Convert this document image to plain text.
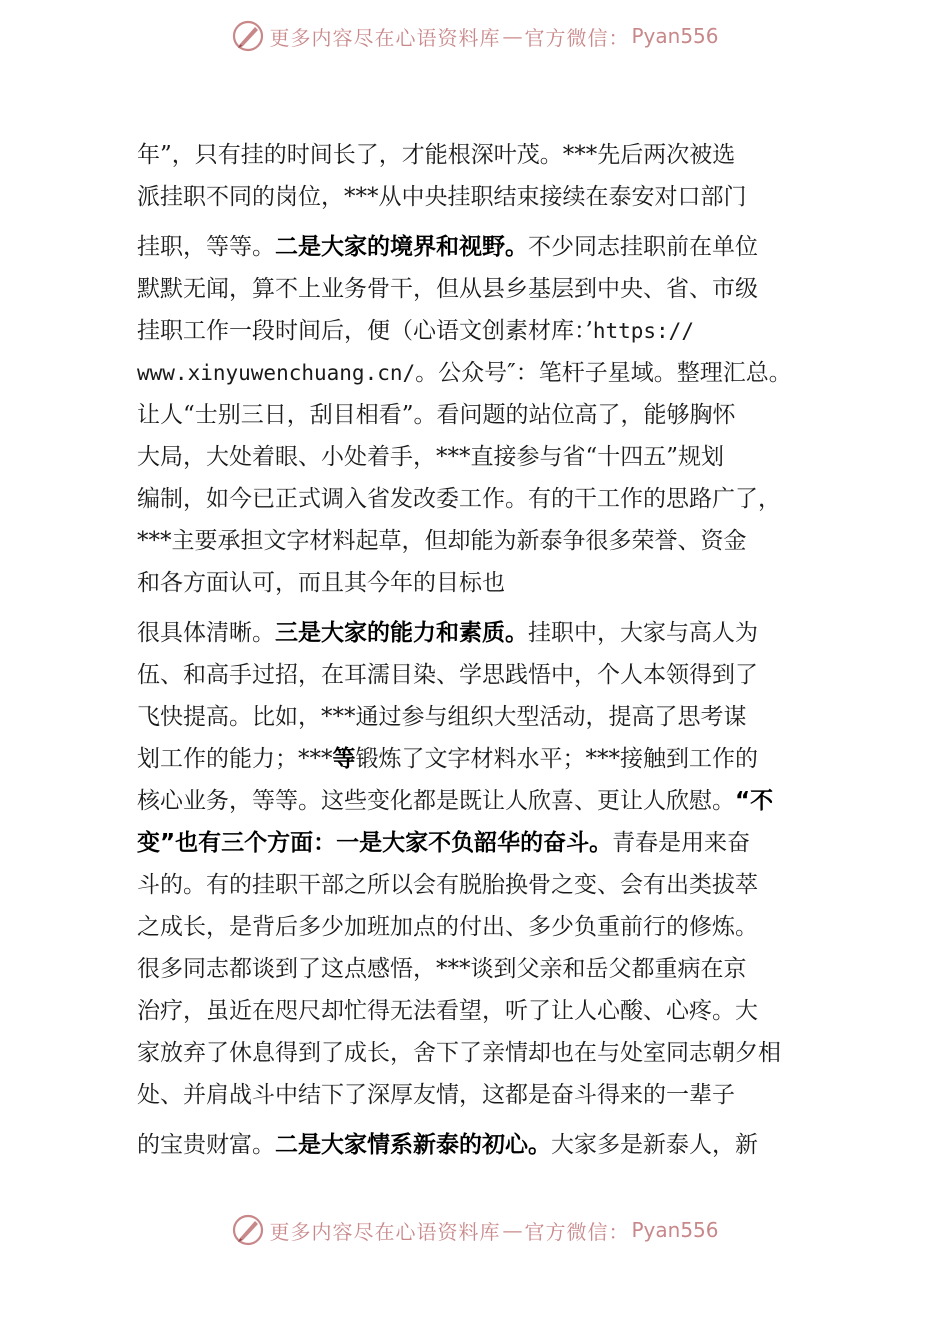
更多内容尽在心语资料库 — 官方微信： Pyan556
年”，只有挂的时间长了，才能根深叶茂。***先后两次被选
派挂职不同的岗位，***从中央挂职结束接续在泰安对口部门
挂职，等等。二是大家的境界和视野。不少同志挂职前在单位
默默无闻，算不上业务骨干，但从县乡基层到中央、省、市级
挂职工作一段时间后，便（心语文创素材库：’https://
www.xinyuwenchuang.cn/。公众号″：笔杆子星域。整理汇总。
让人“士别三日，刮目相看”。看问题的站位高了，能够胸怀
大局，大处着眼、小处着手，***直接参与省“十四五”规划
编制，如今已正式调入省发改委工作。有的干工作的思路广了，
***主要承担文字材料起草，但却能为新泰争很多荣誉、资金
和各方面认可，而且其今年的目标也
很具体清晰。三是大家的能力和素质。挂职中，大家与高人为
伍、和高手过招，在耳濡目染、学思践悟中，个人本领得到了
飞快提高。比如，***通过参与组织大型活动，提高了思考谋
划工作的能力；***等锻炼了文字材料水平；***接触到工作的
核心业务，等等。这些变化都是既让人欣喜、更让人欣慰。“不
变”也有三个方面：一是大家不负韶华的奋斗。青春是用来奋
斗的。有的挂职干部之所以会有脱胎换骨之变、会有出类拔萃
之成长，是背后多少加班加点的付出、多少负重前行的修炼。
很多同志都谈到了这点感悟，***谈到父亲和岳父都重病在京
治疗，虽近在咫尺却忙得无法看望，听了让人心酸、心疼。大
家放弃了休息得到了成长，舍下了亲情却也在与处室同志朝夕相
处、并肩战斗中结下了深厚友情，这都是奋斗得来的一辈子
的宝贵财富。二是大家情系新泰的初心。大家多是新泰人，新
更多内容尽在心语资料库 — 官方微信： Pyan556
